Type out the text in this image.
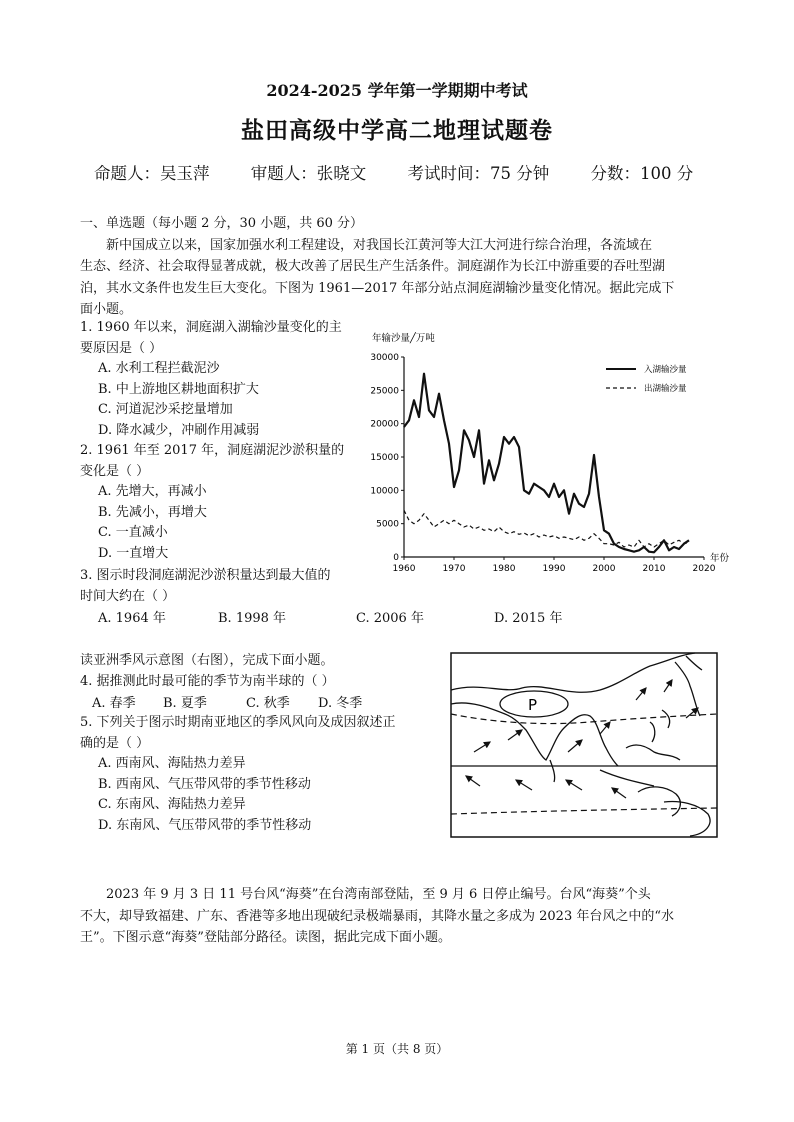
2024-2025 学年第一学期期中考试
盐田高级中学高二地理试题卷
命题人：吴玉萍	审题人：张晓文	考试时间：75 分钟	分数：100 分

一、单选题（每小题 2 分，30 小题，共 60 分）

新中国成立以来，国家加强水利工程建设，对我国长江黄河等大江大河进行综合治理，各流域在

生态、经济、社会取得显著成就，极大改善了居民生产生活条件。洞庭湖作为长江中游重要的吞吐型湖

泊，其水文条件也发生巨大变化。下图为 1961—2017 年部分站点洞庭湖输沙量变化情况。据此完成下

面小题。

1. 1960 年以来，洞庭湖入湖输沙量变化的主
要原因是（ ）
A. 水利工程拦截泥沙
B. 中上游地区耕地面积扩大
C. 河道泥沙采挖量增加
D. 降水减少，冲刷作用减弱
2. 1961 年至 2017 年，洞庭湖泥沙淤积量的
变化是（ ）
A. 先增大，再减小
B. 先减小，再增大
C. 一直减小
D. 一直增大
3. 图示时段洞庭湖泥沙淤积量达到最大值的
时间大约在（ ）
A. 1964 年	B. 1998 年	C. 2006 年	D. 2015 年
年输沙量╱万吨
0
5000
10000
15000
20000
25000
30000
1960	1970	1980	1990	2000	2010	2020
年份
入湖输沙量
出湖输沙量
读亚洲季风示意图（右图），完成下面小题。
4. 据推测此时最可能的季节为南半球的（ ）
A. 春季 B. 夏季	C. 秋季 D. 冬季
5. 下列关于图示时期南亚地区的季风风向及成因叙述正
确的是（ ）
A. 西南风、海陆热力差异
B. 西南风、气压带风带的季节性移动
C. 东南风、海陆热力差异
D. 东南风、气压带风带的季节性移动
P

2023 年 9 月 3 日 11 号台风“海葵”在台湾南部登陆，至 9 月 6 日停止编号。台风“海葵”个头

不大，却导致福建、广东、香港等多地出现破纪录极端暴雨，其降水量之多成为 2023 年台风之中的“水

王”。下图示意“海葵”登陆部分路径。读图，据此完成下面小题。

第 1 页（共 8 页）
